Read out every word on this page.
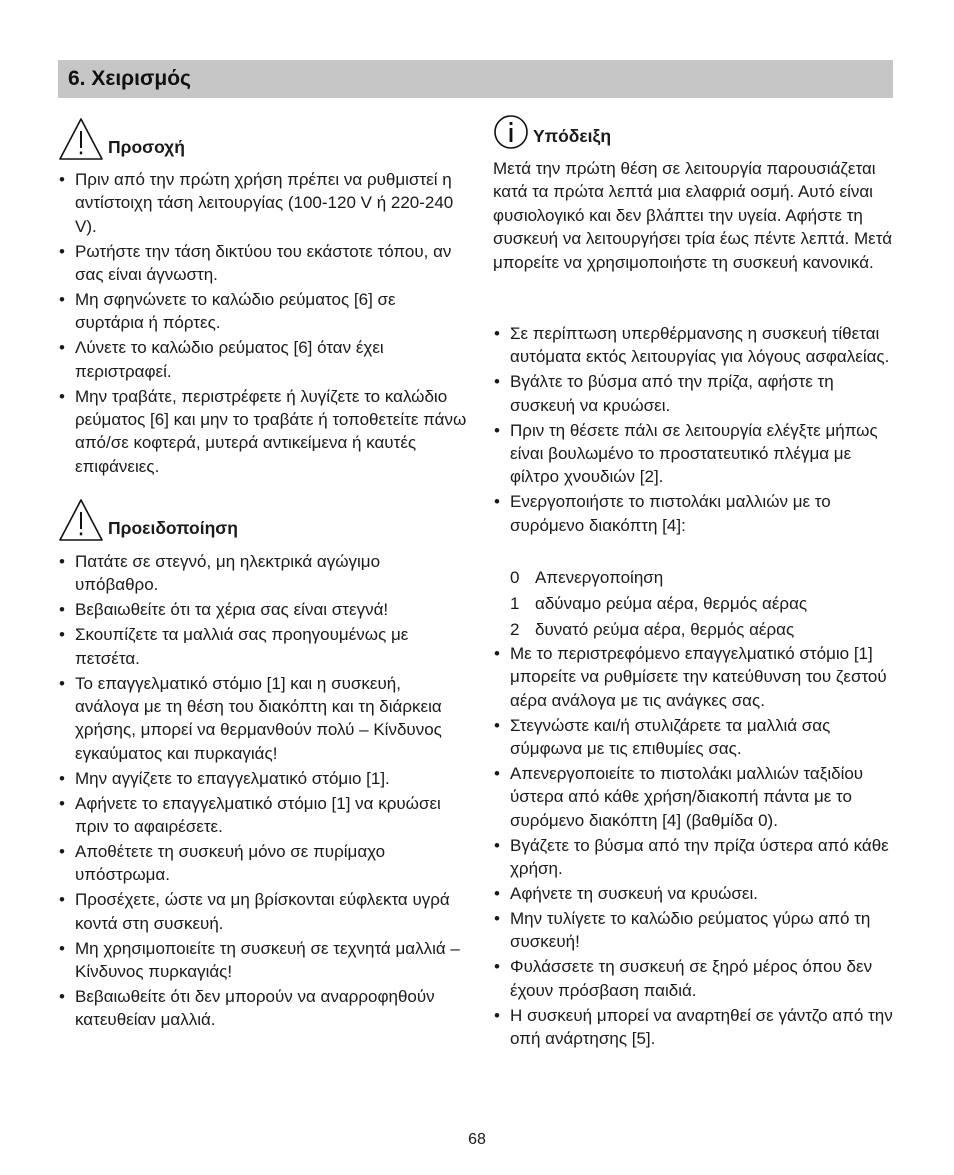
6. Χειρισμός
Προσοχή
• Πριν από την πρώτη χρήση πρέπει να ρυθμιστεί η αντίστοιχη τάση λειτουργίας (100-120 V ή 220-240 V).
• Ρωτήστε την τάση δικτύου του εκάστοτε τόπου, αν σας είναι άγνωστη.
• Μη σφηνώνετε το καλώδιο ρεύματος [6] σε συρτάρια ή πόρτες.
• Λύνετε το καλώδιο ρεύματος [6] όταν έχει περιστραφεί.
• Μην τραβάτε, περιστρέφετε ή λυγίζετε το καλώδιο ρεύματος [6] και μην το τραβάτε ή τοποθετείτε πάνω από/σε κοφτερά, μυτερά αντικείμενα ή καυτές επιφάνειες.
Προειδοποίηση
• Πατάτε σε στεγνό, μη ηλεκτρικά αγώγιμο υπόβαθρο.
• Βεβαιωθείτε ότι τα χέρια σας είναι στεγνά!
• Σκουπίζετε τα μαλλιά σας προηγουμένως με πετσέτα.
• Το επαγγελματικό στόμιο [1] και η συσκευή, ανάλογα με τη θέση του διακόπτη και τη διάρκεια χρήσης, μπορεί να θερμανθούν πολύ – Κίνδυνος εγκαύματος και πυρκαγιάς!
• Μην αγγίζετε το επαγγελματικό στόμιο [1].
• Αφήνετε το επαγγελματικό στόμιο [1] να κρυώσει πριν το αφαιρέσετε.
• Αποθέτετε τη συσκευή μόνο σε πυρίμαχο υπόστρωμα.
• Προσέχετε, ώστε να μη βρίσκονται εύφλεκτα υγρά κοντά στη συσκευή.
• Μη χρησιμοποιείτε τη συσκευή σε τεχνητά μαλλιά – Κίνδυνος πυρκαγιάς!
• Βεβαιωθείτε ότι δεν μπορούν να αναρροφηθούν κατευθείαν μαλλιά.
Υπόδειξη

Μετά την πρώτη θέση σε λειτουργία παρουσιάζεται κατά τα πρώτα λεπτά μια ελαφριά οσμή. Αυτό είναι φυσιολογικό και δεν βλάπτει την υγεία. Αφήστε τη συσκευή να λειτουργήσει τρία έως πέντε λεπτά. Μετά μπορείτε να χρησιμοποιήστε τη συσκευή κανονικά.

• Σε περίπτωση υπερθέρμανσης η συσκευή τίθεται αυτόματα εκτός λειτουργίας για λόγους ασφαλείας.
• Βγάλτε το βύσμα από την πρίζα, αφήστε τη συσκευή να κρυώσει.
• Πριν τη θέσετε πάλι σε λειτουργία ελέγξτε μήπως είναι βουλωμένο το προστατευτικό πλέγμα με φίλτρο χνουδιών [2].
• Ενεργοποιήστε το πιστολάκι μαλλιών με το συρόμενο διακόπτη [4]:
0 Απενεργοποίηση
1 αδύναμο ρεύμα αέρα, θερμός αέρας
2 δυνατό ρεύμα αέρα, θερμός αέρας
• Με το περιστρεφόμενο επαγγελματικό στόμιο [1] μπορείτε να ρυθμίσετε την κατεύθυνση του ζεστού αέρα ανάλογα με τις ανάγκες σας.
• Στεγνώστε και/ή στυλιζάρετε τα μαλλιά σας σύμφωνα με τις επιθυμίες σας.
• Απενεργοποιείτε το πιστολάκι μαλλιών ταξιδίου ύστερα από κάθε χρήση/διακοπή πάντα με το συρόμενο διακόπτη [4] (βαθμίδα 0).
• Βγάζετε το βύσμα από την πρίζα ύστερα από κάθε χρήση.
• Αφήνετε τη συσκευή να κρυώσει.
• Μην τυλίγετε το καλώδιο ρεύματος γύρω από τη συσκευή!
• Φυλάσσετε τη συσκευή σε ξηρό μέρος όπου δεν έχουν πρόσβαση παιδιά.
• Η συσκευή μπορεί να αναρτηθεί σε γάντζο από την οπή ανάρτησης [5].
68
